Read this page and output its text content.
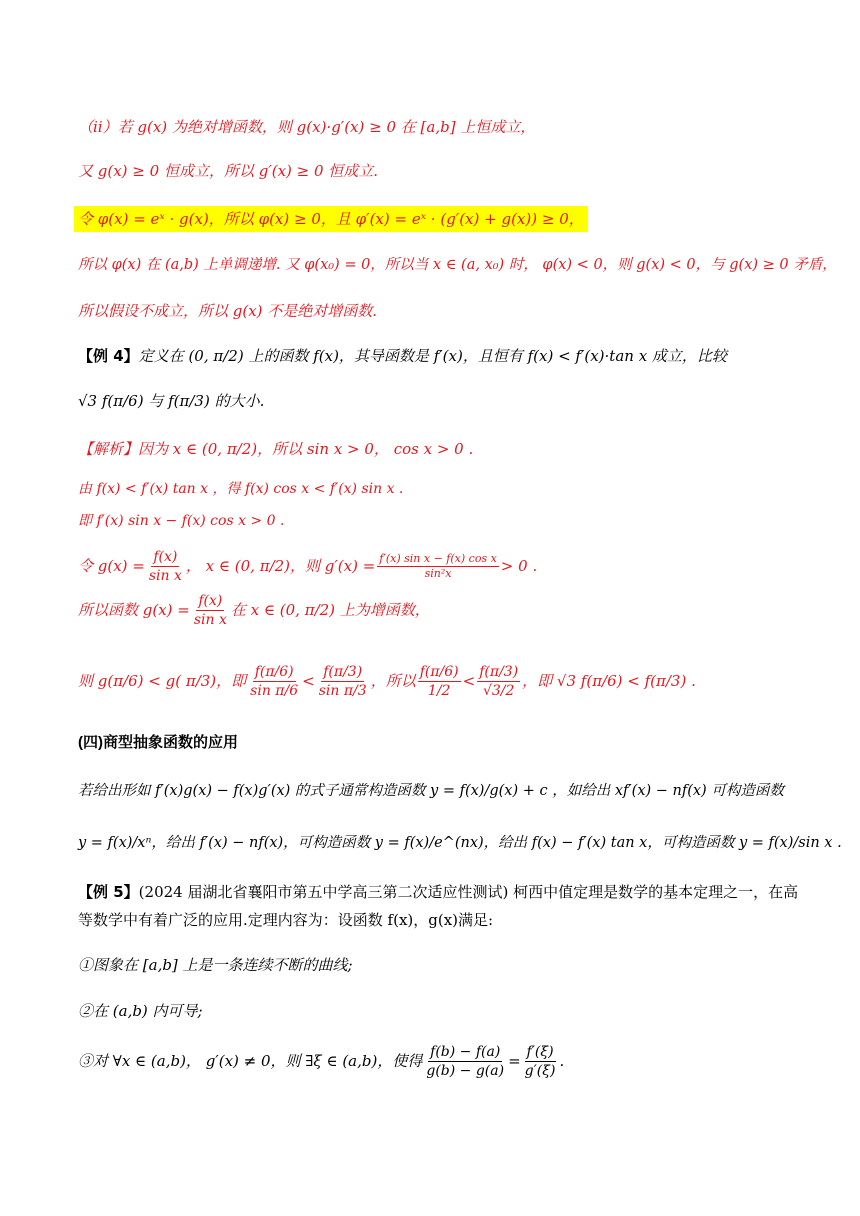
（ⅱ）若 g(x) 为绝对增函数，则 g(x)·g′(x) ≥ 0 在 [a,b] 上恒成立，
又 g(x) ≥ 0 恒成立，所以 g′(x) ≥ 0 恒成立.
令 φ(x) = eˣ · g(x)，所以 φ(x) ≥ 0，且 φ′(x) = eˣ · (g′(x) + g(x)) ≥ 0，
所以 φ(x) 在 (a,b) 上单调递增. 又 φ(x₀) = 0，所以当 x ∈ (a, x₀) 时， φ(x) < 0，则 g(x) < 0，与 g(x) ≥ 0 矛盾，
所以假设不成立，所以 g(x) 不是绝对增函数.
【例 4】定义在 (0, π/2) 上的函数 f(x)，其导函数是 f′(x)，且恒有 f(x) < f′(x)·tan x 成立，比较
√3 f(π/6) 与 f(π/3) 的大小.
【解析】因为 x ∈ (0, π/2)，所以 sin x > 0， cos x > 0 .
由 f(x) < f′(x) tan x ，得 f(x) cos x < f′(x) sin x .
即 f′(x) sin x − f(x) cos x > 0 .
令 $g(x) = \frac{f(x)}{\text{sin x}}$ ， x ∈ (0, π/2)，则 $g'(x) = \frac{\text{f′(x) sin x − f(x) cos x}}{\text{sin²x}} > 0$ .
所以函数 $g(x) = \frac{f(x)}{\text{sin x}}$ 在 x ∈ (0, π/2) 上为增函数，
则 g(π/6) < g( π/3)，即 $\frac{f(\pi/6)}{\text{sin π/6}} < \frac{f(\pi/3)}{\text{sin π/3}}$ ，所以 $\frac{f(\pi/6)}{1/2} < \frac{f(\pi/3)}{√3/2}$ ，即 √3 f(π/6) < f(π/3) .
(四)商型抽象函数的应用
若给出形如 f′(x)g(x) − f(x)g′(x) 的式子通常构造函数 y = f(x)/g(x) + c ，如给出 xf′(x) − nf(x) 可构造函数
y = f(x)/xⁿ，给出 f′(x) − nf(x)，可构造函数 y = f(x)/e^(nx)，给出 f(x) − f′(x) tan x，可构造函数 y = f(x)/sin x .
【例 5】(2024 届湖北省襄阳市第五中学高三第二次适应性测试) 柯西中值定理是数学的基本定理之一，在高等数学中有着广泛的应用.定理内容为：设函数 f(x)，g(x)满足:
①图象在 [a,b] 上是一条连续不断的曲线;
②在 (a,b) 内可导;
③对 ∀x ∈ (a,b)， g′(x) ≠ 0，则 ∃ξ ∈ (a,b)，使得 $\frac{f(b) - f(a)}{g(b) - g(a)} = \frac{f'(\xi)}{g'(\xi)}$ .
